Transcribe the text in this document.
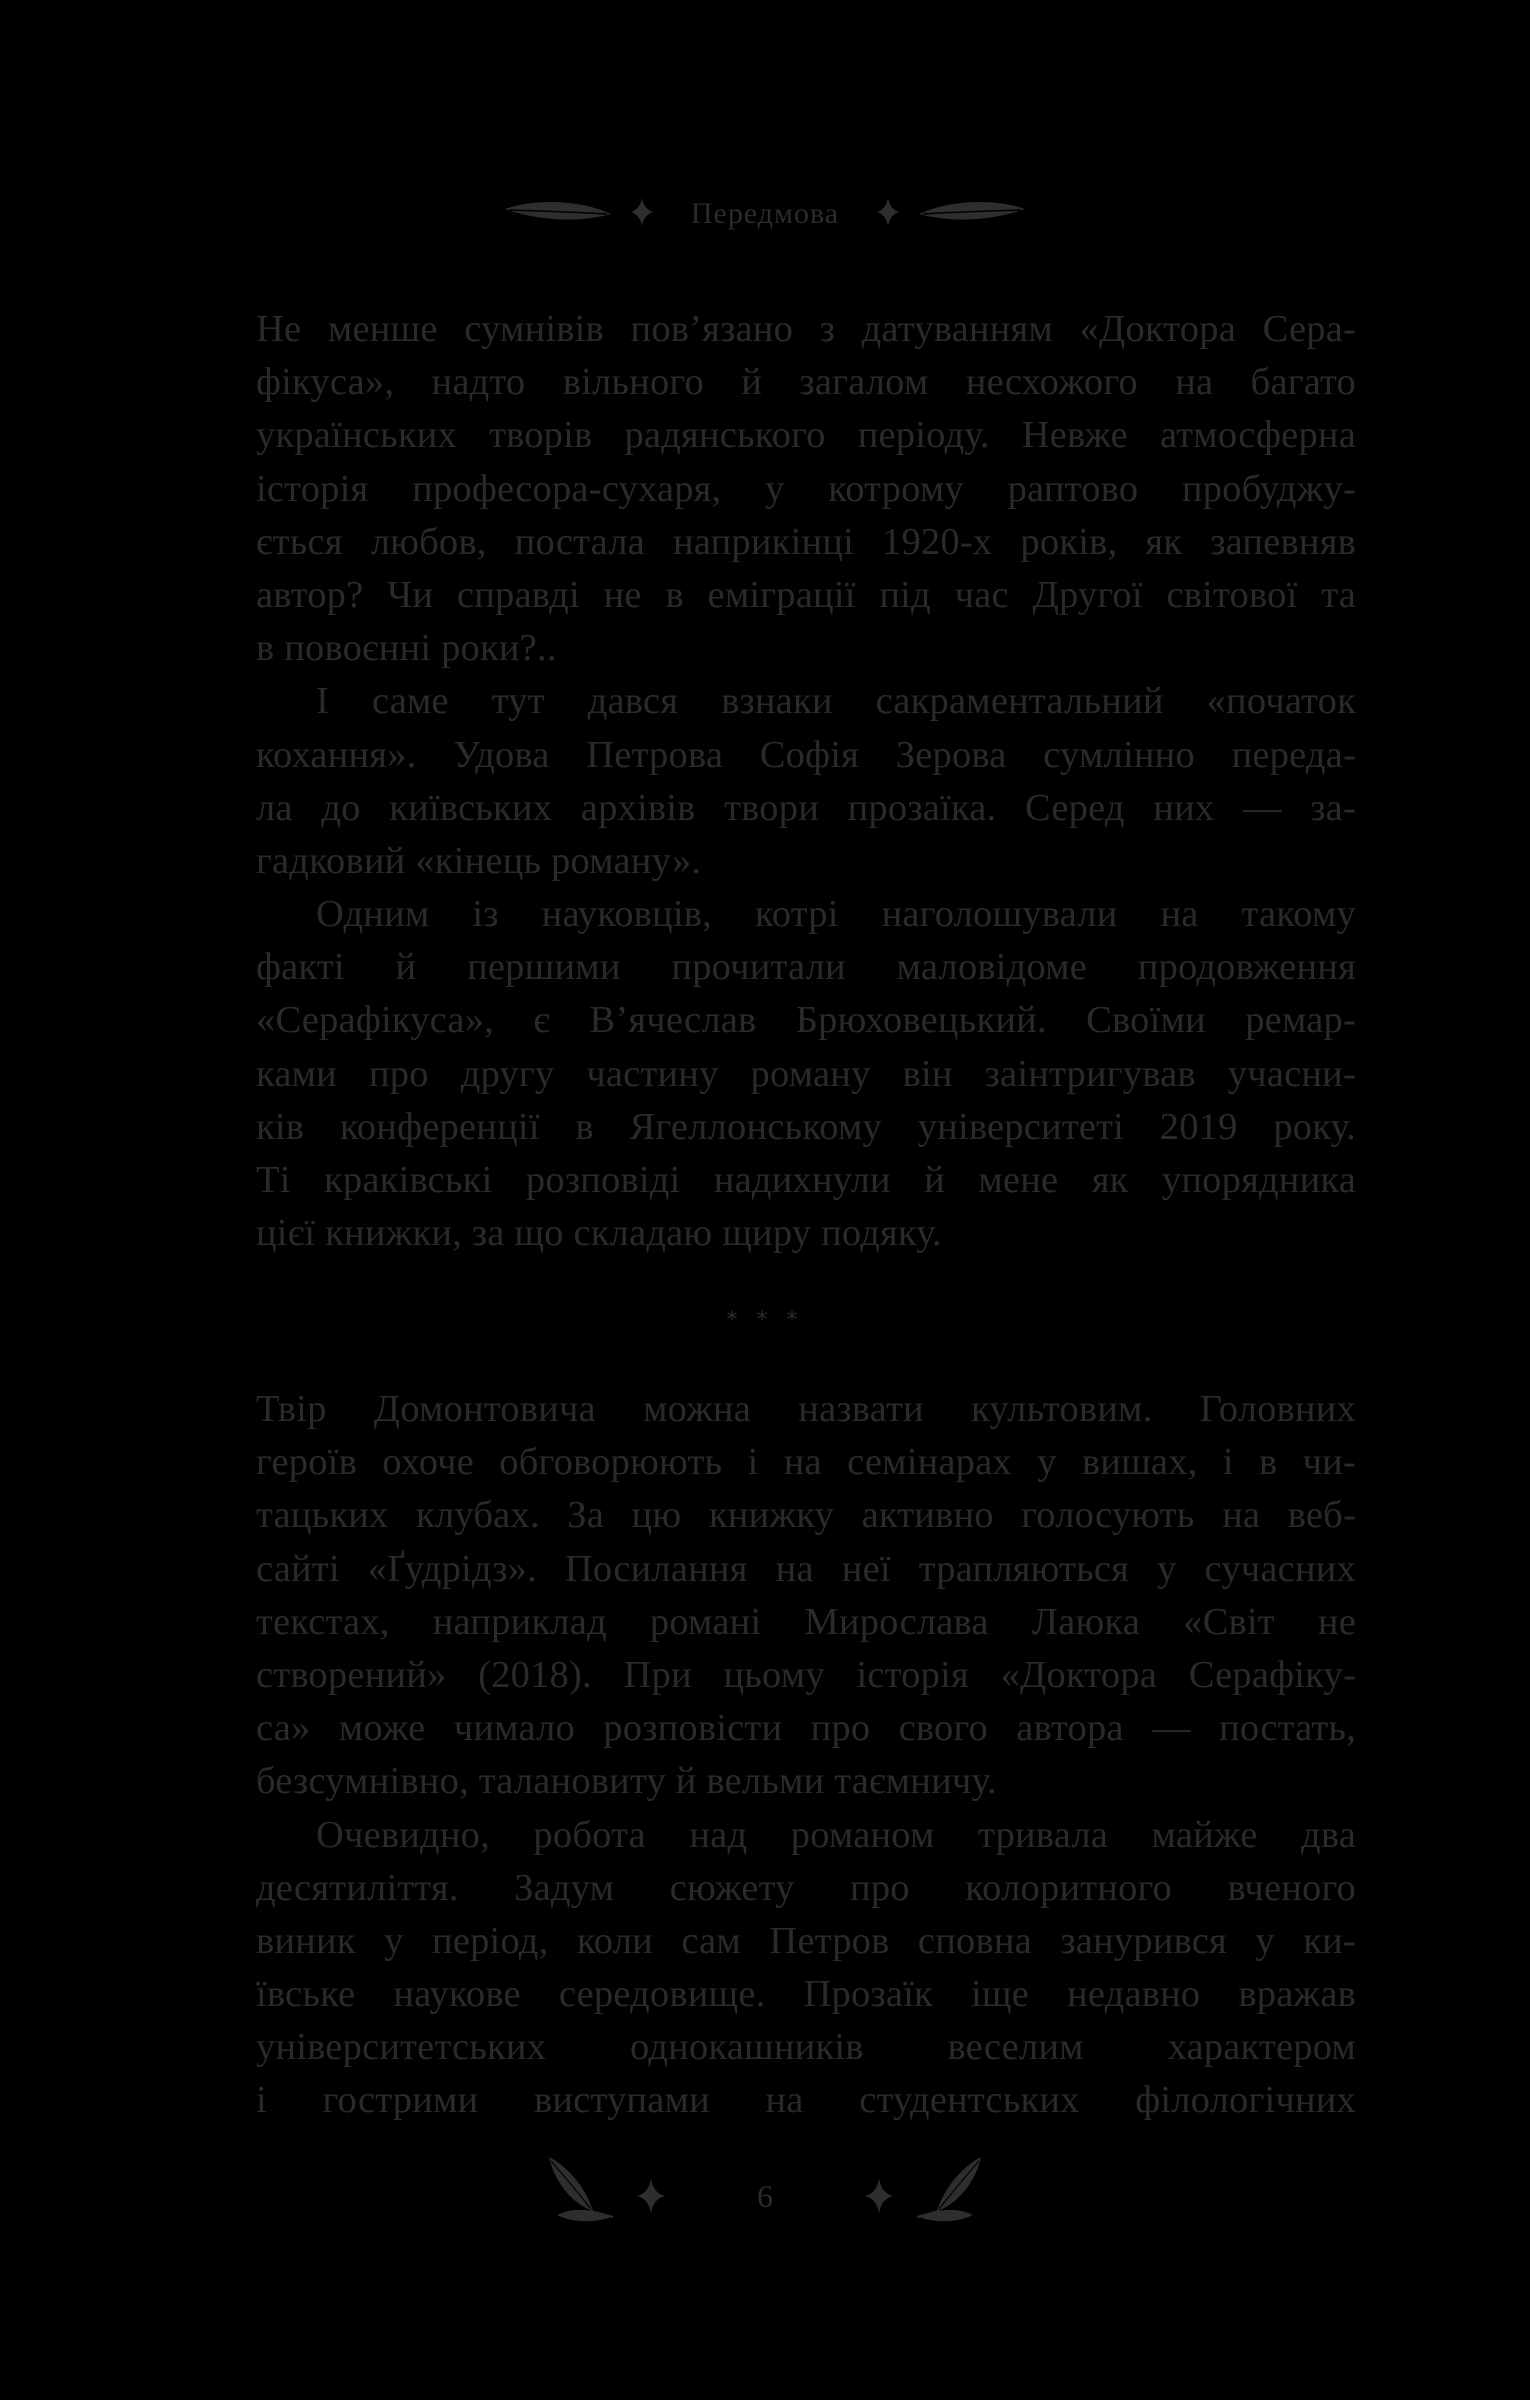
Передмова
Не менше сумнівів пов’язано з датуванням «Доктора Сера-
фікуса», надто вільного й загалом несхожого на багато
українських творів радянського періоду. Невже атмосферна
історія професора-сухаря, у котрому раптово пробуджу-
ється любов, постала наприкінці 1920-х років, як запевняв
автор? Чи справді не в еміграції під час Другої світової та
в повоєнні роки?..
І саме тут дався взнаки сакраментальний «початок
кохання». Удова Петрова Софія Зерова сумлінно переда-
ла до київських архівів твори прозаїка. Серед них — за-
гадковий «кінець роману».
Одним із науковців, котрі наголошували на такому
факті й першими прочитали маловідоме продовження
«Серафікуса», є В’ячеслав Брюховецький. Своїми ремар-
ками про другу частину роману він заінтригував учасни-
ків конференції в Ягеллонському університеті 2019 року.
Ті краківські розповіді надихнули й мене як упорядника
цієї книжки, за що складаю щиру подяку.
* * *
Твір Домонтовича можна назвати культовим. Головних
героїв охоче обговорюють і на семінарах у вишах, і в чи-
тацьких клубах. За цю книжку активно голосують на веб-
сайті «Ґудрідз». Посилання на неї трапляються у сучасних
текстах, наприклад романі Мирослава Лаюка «Світ не
створений» (2018). При цьому історія «Доктора Серафіку-
са» може чимало розповісти про свого автора — постать,
безсумнівно, талановиту й вельми таємничу.
Очевидно, робота над романом тривала майже два
десятиліття. Задум сюжету про колоритного вченого
виник у період, коли сам Петров сповна занурився у ки-
ївське наукове середовище. Прозаїк іще недавно вражав
університетських однокашників веселим характером
і гострими виступами на студентських філологічних
6
